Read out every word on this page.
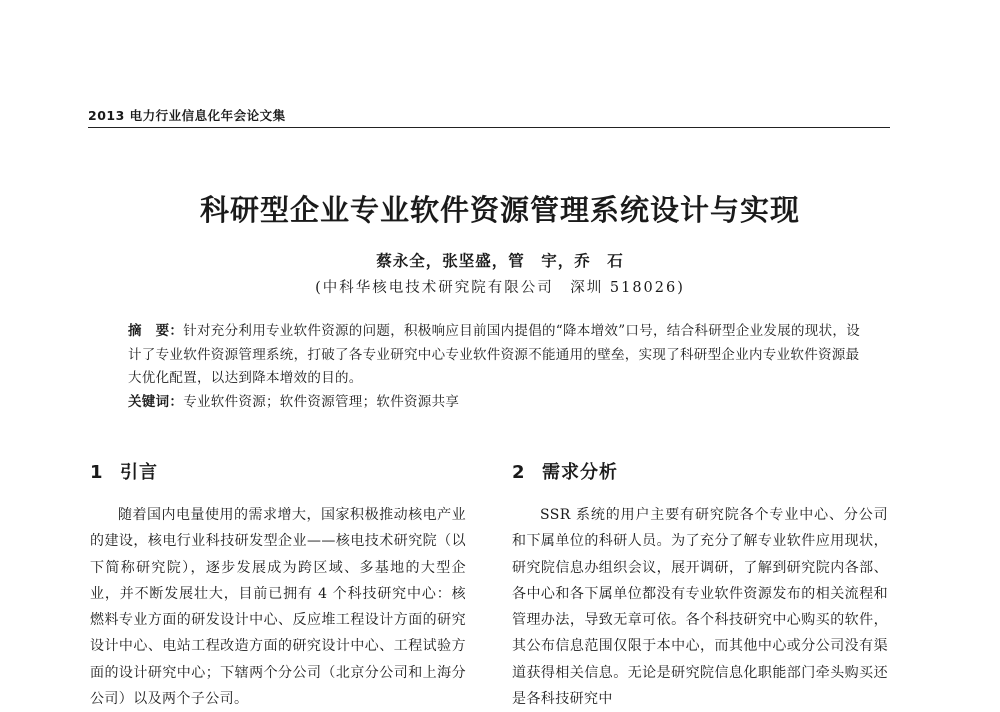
2013 电力行业信息化年会论文集
科研型企业专业软件资源管理系统设计与实现
蔡永全，张坚盛，管　宇，乔　石
(中科华核电技术研究院有限公司　深圳 518026)

摘　要：针对充分利用专业软件资源的问题，积极响应目前国内提倡的“降本增效”口号，结合科研型企业发展的现状，设计了专业软件资源管理系统，打破了各专业研究中心专业软件资源不能通用的壁垒，实现了科研型企业内专业软件资源最大优化配置，以达到降本增效的目的。

关键词：专业软件资源；软件资源管理；软件资源共享

1 引言

随着国内电量使用的需求增大，国家积极推动核电产业的建设，核电行业科技研发型企业——核电技术研究院（以下简称研究院），逐步发展成为跨区域、多基地的大型企业，并不断发展壮大，目前已拥有 4 个科技研究中心：核燃料专业方面的研发设计中心、反应堆工程设计方面的研究设计中心、电站工程改造方面的研究设计中心、工程试验方面的设计研究中心；下辖两个分公司（北京分公司和上海分公司）以及两个子公司。

2 需求分析

SSR 系统的用户主要有研究院各个专业中心、分公司和下属单位的科研人员。为了充分了解专业软件应用现状，研究院信息办组织会议，展开调研，了解到研究院内各部、各中心和各下属单位都没有专业软件资源发布的相关流程和管理办法，导致无章可依。各个科技研究中心购买的软件，其公布信息范围仅限于本中心，而其他中心或分公司没有渠道获得相关信息。无论是研究院信息化职能部门牵头购买还是各科技研究中
